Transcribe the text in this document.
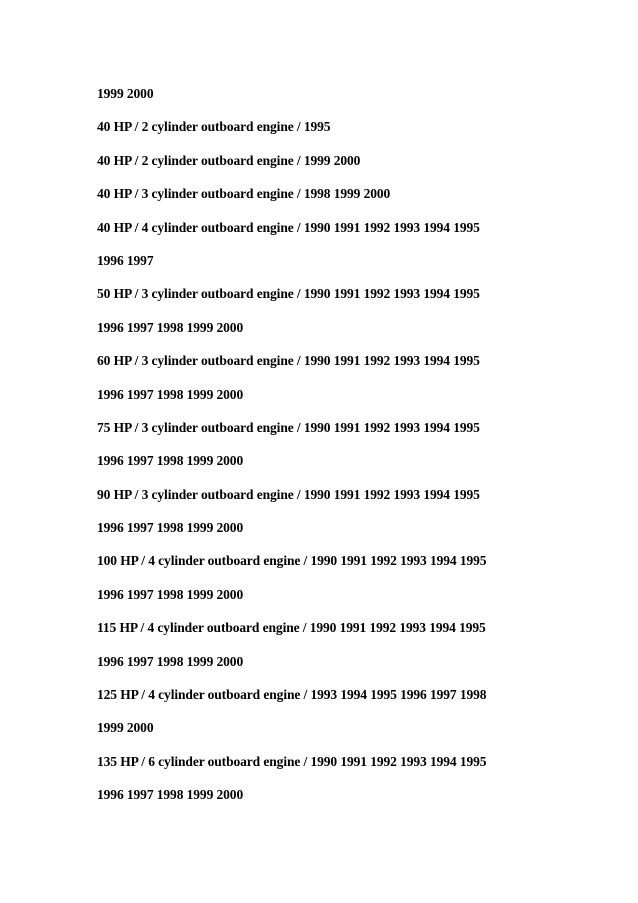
1999 2000
40 HP / 2 cylinder outboard engine / 1995
40 HP / 2 cylinder outboard engine / 1999 2000
40 HP / 3 cylinder outboard engine / 1998 1999 2000
40 HP / 4 cylinder outboard engine / 1990 1991 1992 1993 1994 1995
1996 1997
50 HP / 3 cylinder outboard engine / 1990 1991 1992 1993 1994 1995
1996 1997 1998 1999 2000
60 HP / 3 cylinder outboard engine / 1990 1991 1992 1993 1994 1995
1996 1997 1998 1999 2000
75 HP / 3 cylinder outboard engine / 1990 1991 1992 1993 1994 1995
1996 1997 1998 1999 2000
90 HP / 3 cylinder outboard engine / 1990 1991 1992 1993 1994 1995
1996 1997 1998 1999 2000
100 HP / 4 cylinder outboard engine / 1990 1991 1992 1993 1994 1995
1996 1997 1998 1999 2000
115 HP / 4 cylinder outboard engine / 1990 1991 1992 1993 1994 1995
1996 1997 1998 1999 2000
125 HP / 4 cylinder outboard engine / 1993 1994 1995 1996 1997 1998
1999 2000
135 HP / 6 cylinder outboard engine / 1990 1991 1992 1993 1994 1995
1996 1997 1998 1999 2000
